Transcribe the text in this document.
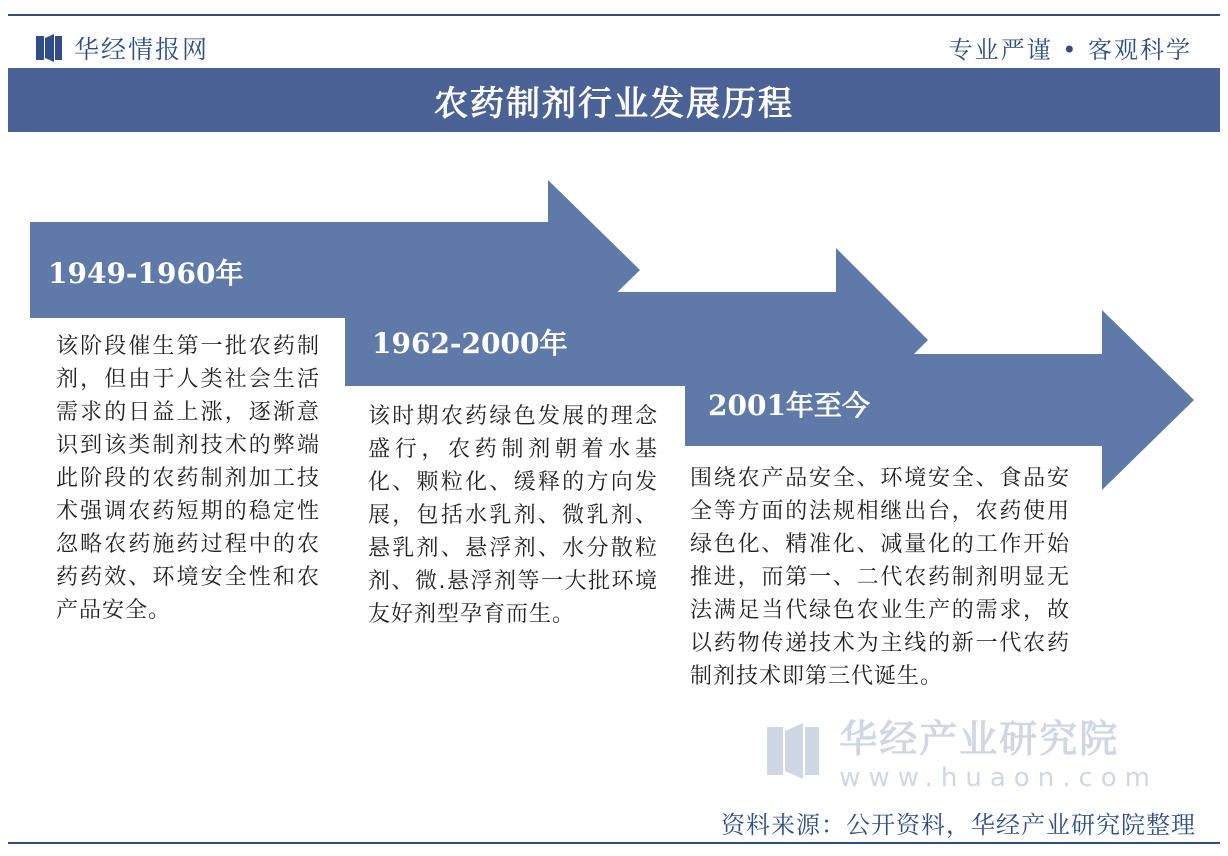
华经情报网	专业严谨 • 客观科学
农药制剂行业发展历程
1949-1960年
1962-2000年
2001年至今
该阶段催生第一批农药制剂，但由于人类社会生活需求的日益上涨，逐渐意识到该类制剂技术的弊端此阶段的农药制剂加工技术强调农药短期的稳定性忽略农药施药过程中的农药药效、环境安全性和农产品安全。
该时期农药绿色发展的理念盛行，农药制剂朝着水基化、颗粒化、缓释的方向发展，包括水乳剂、微乳剂、悬乳剂、悬浮剂、水分散粒剂、微.悬浮剂等一大批环境友好剂型孕育而生。
围绕农产品安全、环境安全、食品安全等方面的法规相继出台，农药使用绿色化、精准化、减量化的工作开始推进，而第一、二代农药制剂明显无法满足当代绿色农业生产的需求，故以药物传递技术为主线的新一代农药制剂技术即第三代诞生。
华经产业研究院
www.huaon.com
资料来源：公开资料，华经产业研究院整理
